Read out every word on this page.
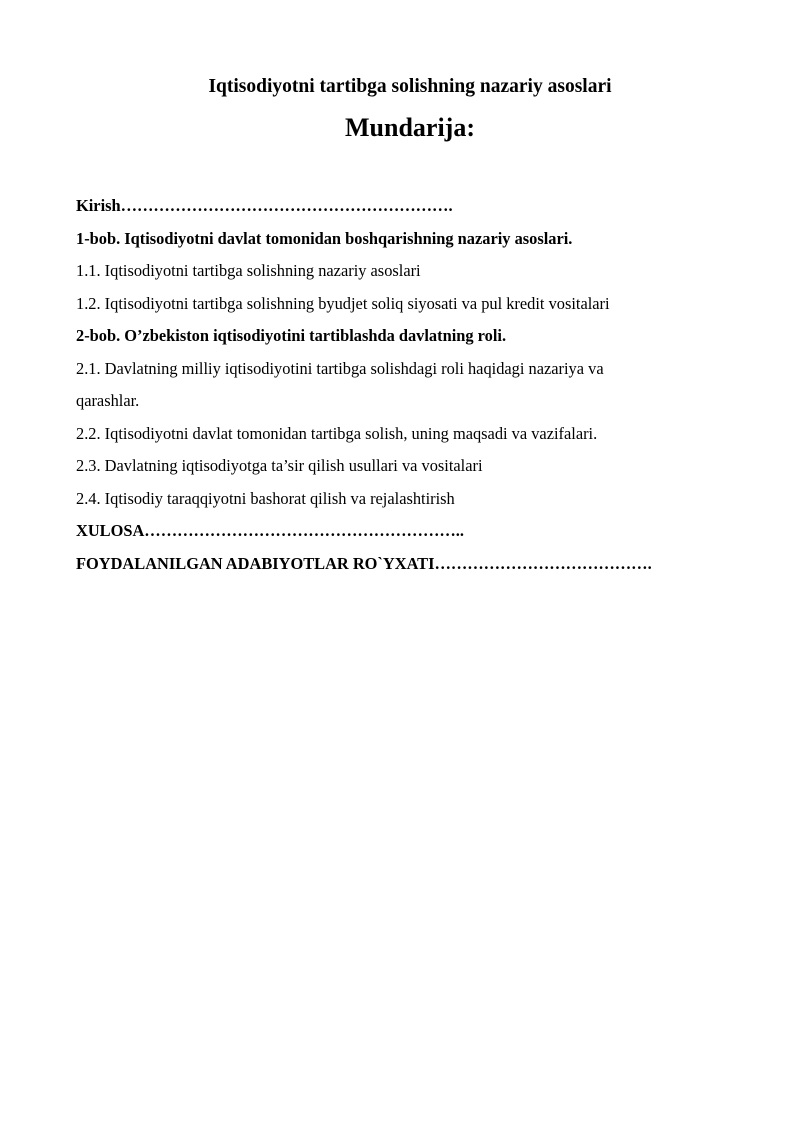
Iqtisodiyotni tartibga solishning nazariy asoslari
Mundarija:
Kirish…………………………………………………….
1-bob. Iqtisodiyotni davlat tomonidan boshqarishning nazariy asoslari.
1.1. Iqtisodiyotni tartibga solishning nazariy asoslari
1.2. Iqtisodiyotni tartibga solishning byudjet soliq siyosati va pul kredit vositalari
2-bob. O’zbekiston iqtisodiyotini tartiblashda davlatning roli.
2.1. Davlatning milliy iqtisodiyotini tartibga solishdagi roli haqidagi nazariya va
qarashlar.
2.2. Iqtisodiyotni davlat tomonidan tartibga solish, uning maqsadi va vazifalari.
2.3. Davlatning iqtisodiyotga ta’sir qilish usullari va vositalari
2.4. Iqtisodiy taraqqiyotni bashorat qilish va rejalashtirish
XULOSA…………………………………………………..
FOYDALANILGAN ADABIYOTLAR RO`YXATI………………………………….
